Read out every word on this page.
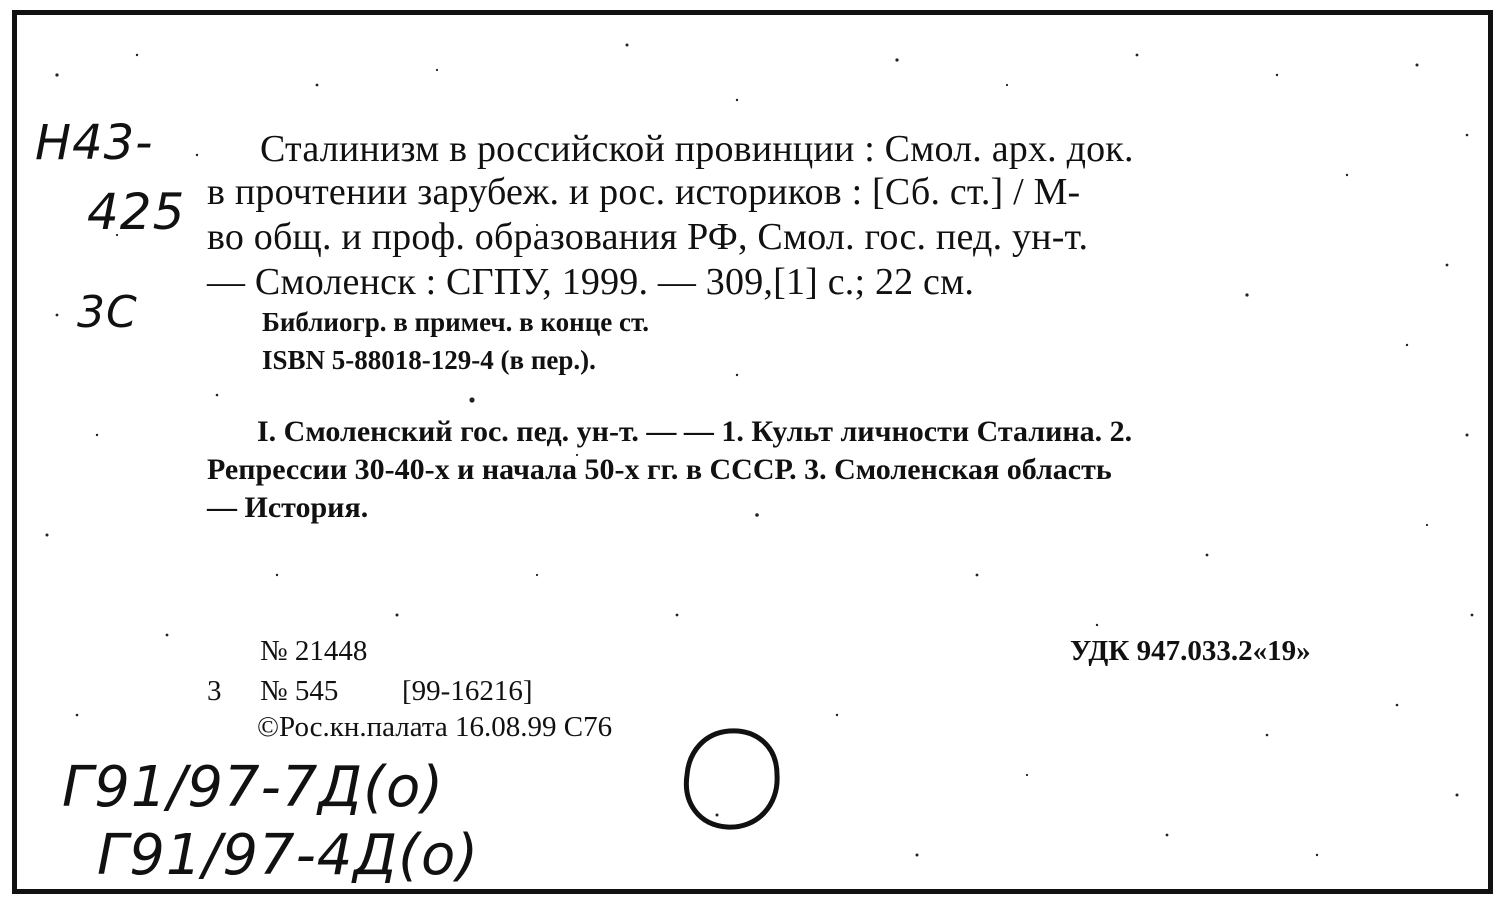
Н43-
425
3С
Сталинизм в российской провинции : Смол. арх. док.
в прочтении зарубеж. и рос. историков : [Сб. ст.] / М-
во общ. и проф. образования РФ, Смол. гос. пед. ун-т.
— Смоленск : СГПУ, 1999. — 309,[1] с.; 22 см.
Библиогр. в примеч. в конце ст.
ISBN 5-88018-129-4 (в пер.).
I. Смоленский гос. пед. ун-т. — — 1. Культ личности Сталина. 2.
Репрессии 30-40-х и начала 50-х гг. в СССР. 3. Смоленская область
— История.
№ 21448	УДК 947.033.2«19»
3 № 545 [99-16216]
©Рос.кн.палата 16.08.99 С76
Г91/97-7Д(о)
Г91/97-4Д(о)
